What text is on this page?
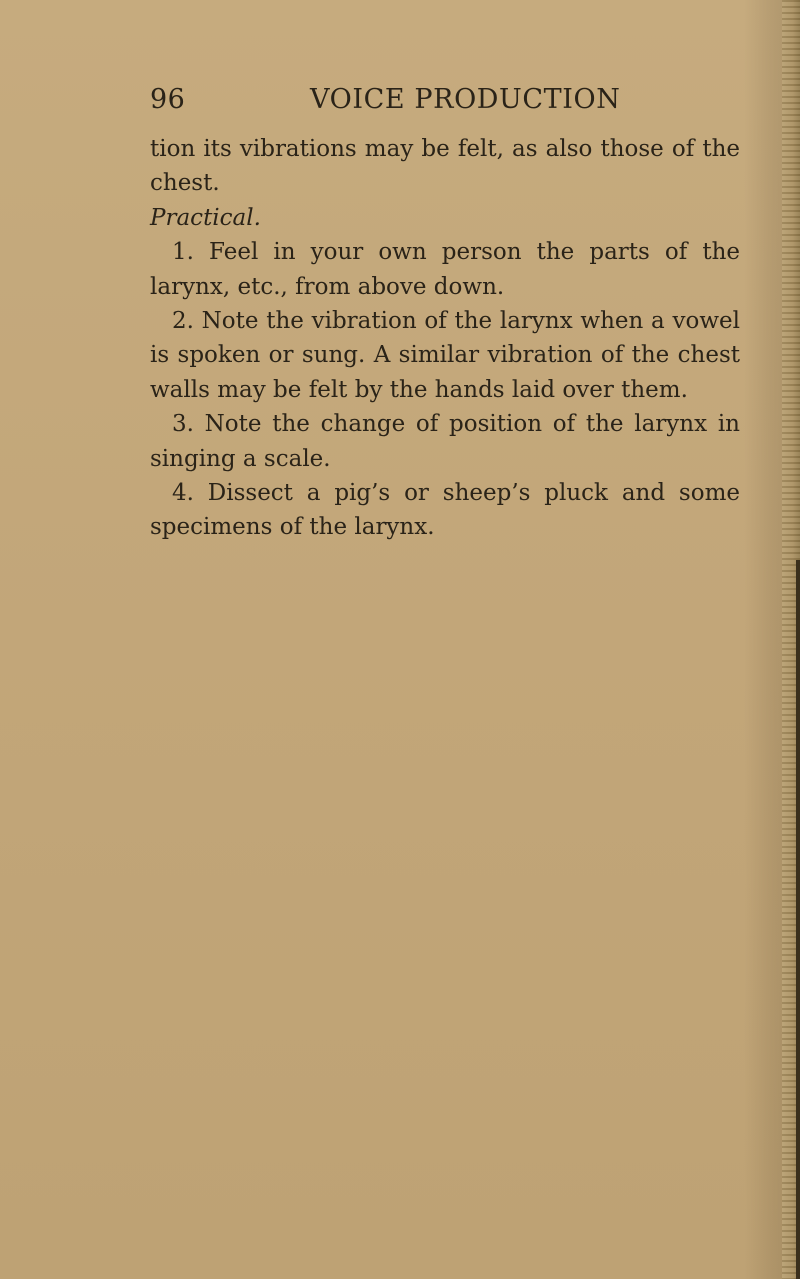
96	VOICE PRODUCTION

tion its vibrations may be felt, as also those of the chest.

Practical.

1. Feel in your own person the parts of the larynx, etc., from above down.

2. Note the vibration of the larynx when a vowel is spoken or sung. A similar vibration of the chest walls may be felt by the hands laid over them.

3. Note the change of position of the larynx in singing a scale.

4. Dissect a pig’s or sheep’s pluck and some specimens of the larynx.
